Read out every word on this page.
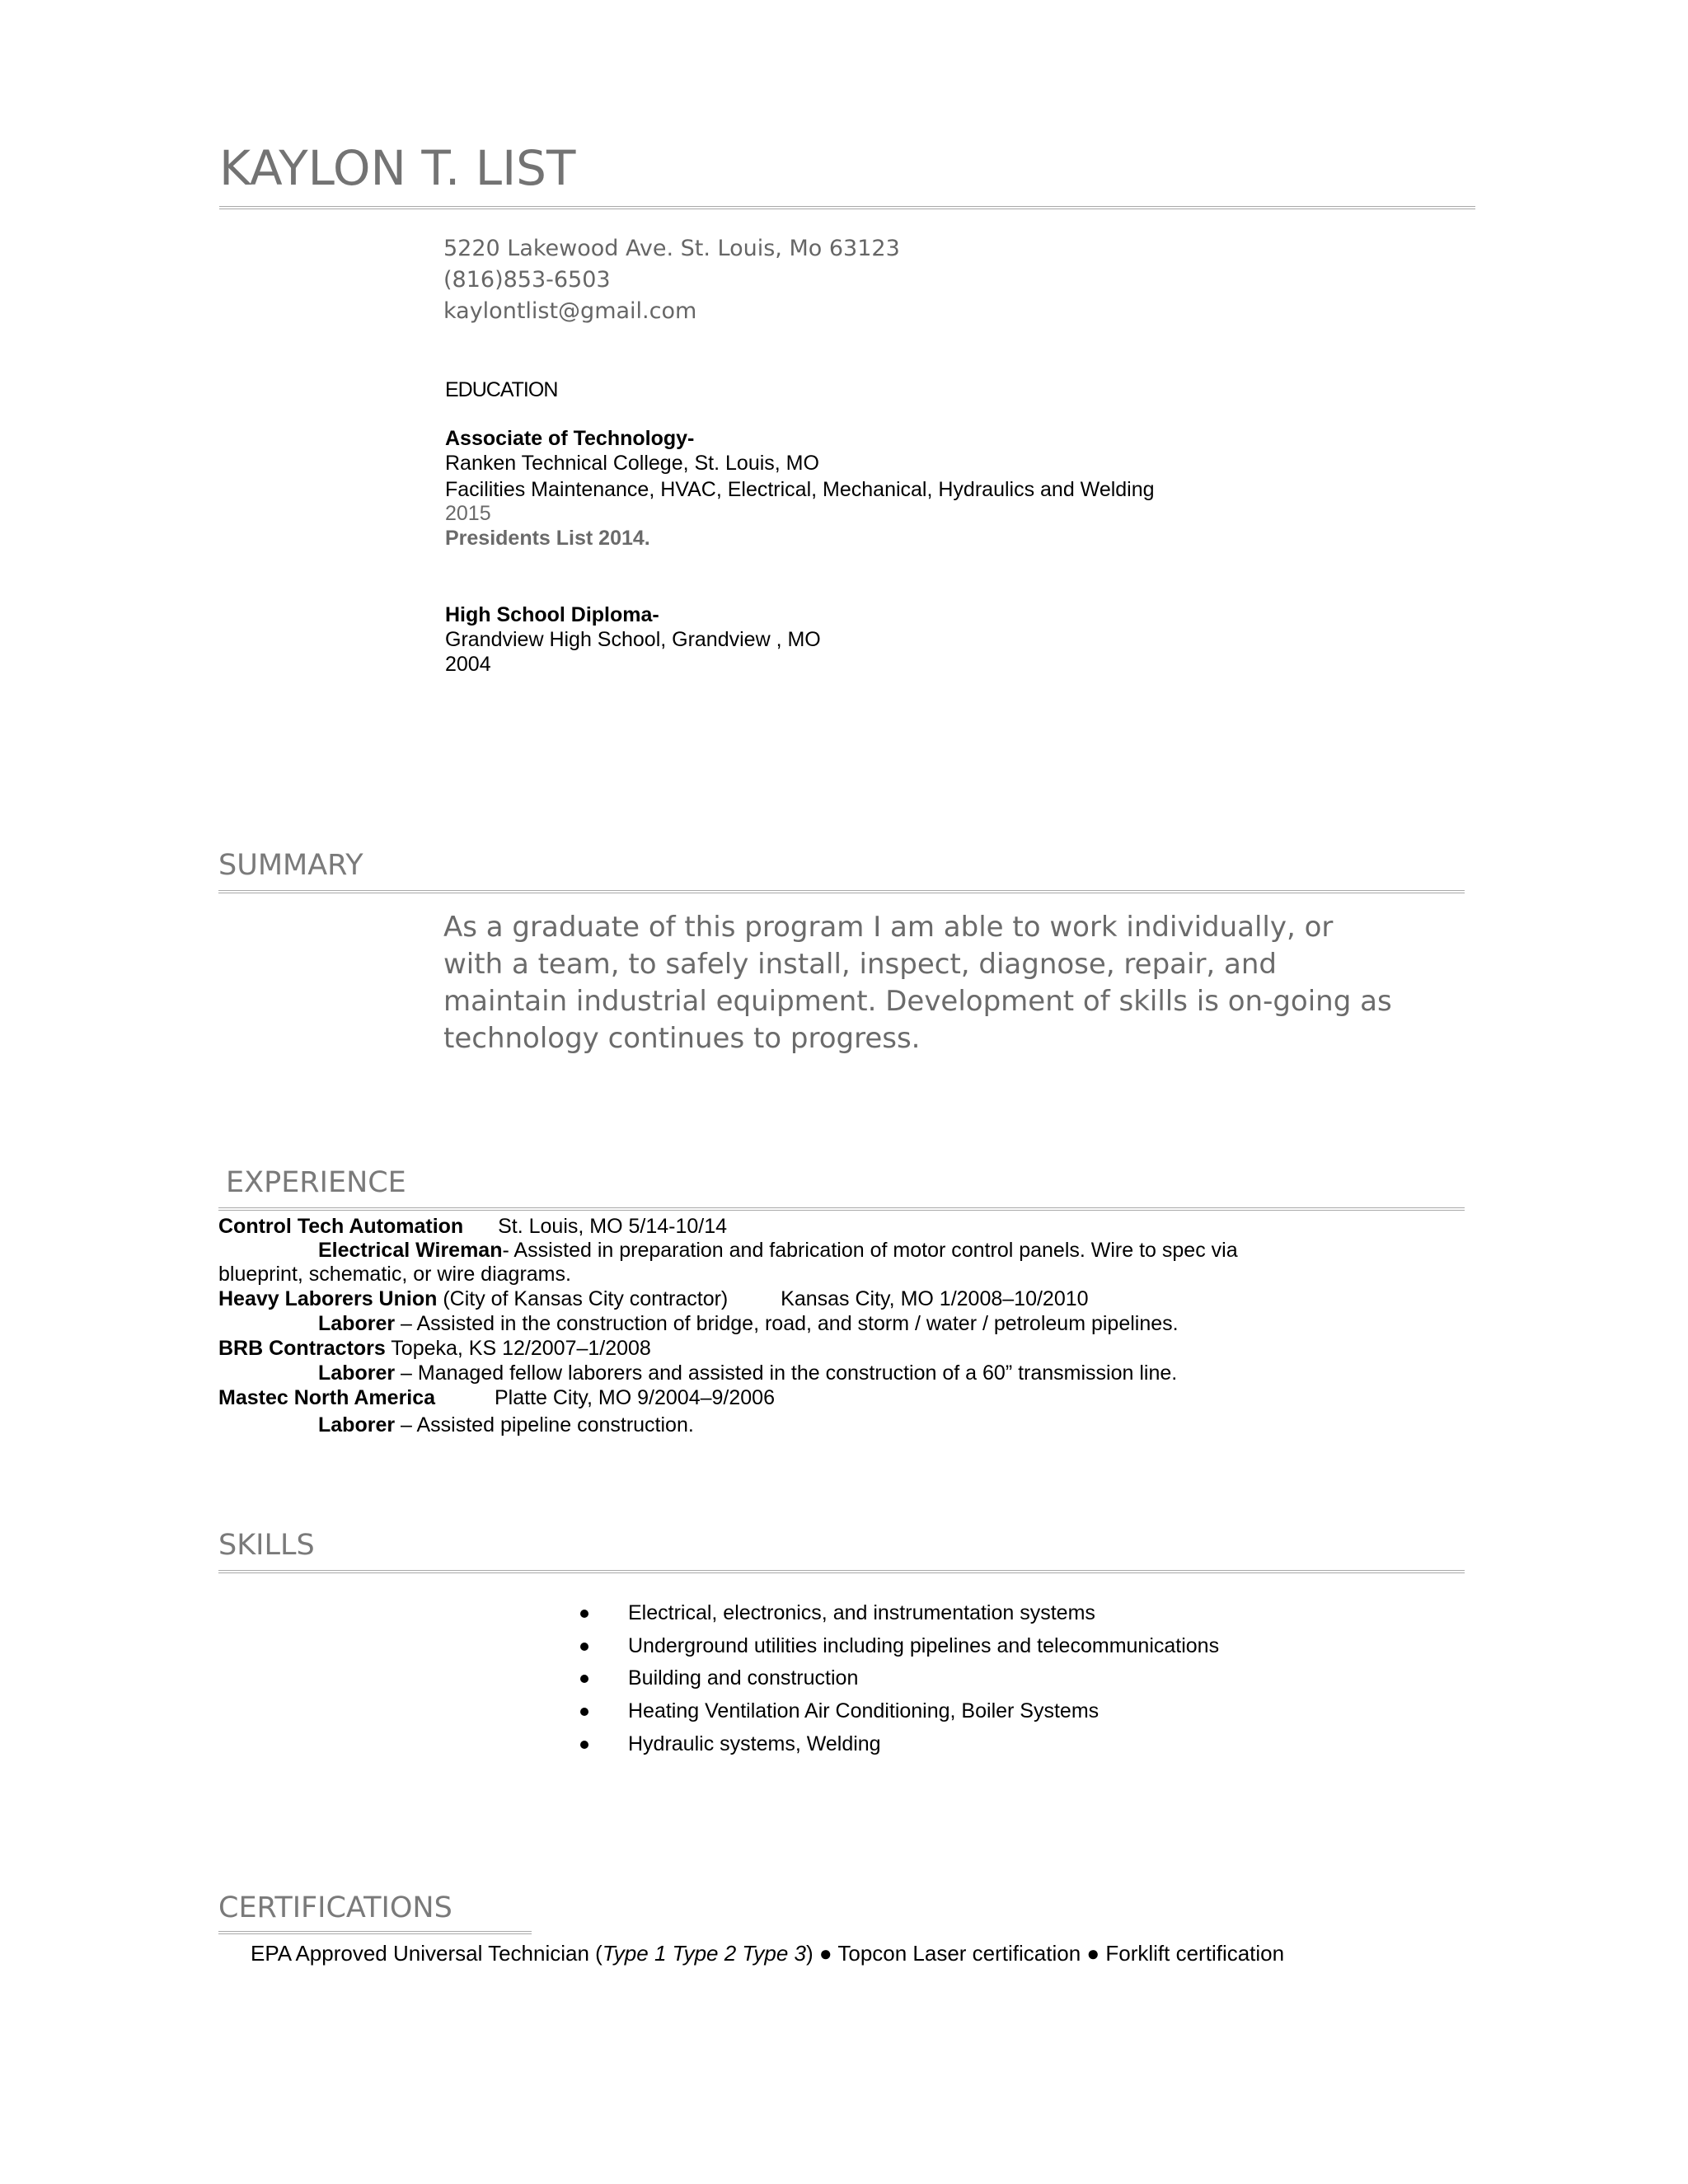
KAYLON T. LIST
5220 Lakewood Ave. St. Louis, Mo 63123
(816)853-6503
kaylontlist@gmail.com
EDUCATION
Associate of Technology-
Ranken Technical College, St. Louis, MO
Facilities Maintenance, HVAC, Electrical, Mechanical, Hydraulics and Welding
2015
Presidents List 2014.
High School Diploma-
Grandview High School, Grandview , MO
2004
SUMMARY
As a graduate of this program I am able to work individually, or with a team, to safely install, inspect, diagnose, repair, and maintain industrial equipment. Development of skills is on-going as technology continues to progress.
EXPERIENCE
Control Tech Automation St. Louis, MO 5/14-10/14
Electrical Wireman- Assisted in preparation and fabrication of motor control panels. Wire to spec via
blueprint, schematic, or wire diagrams.
Heavy Laborers Union (City of Kansas City contractor)	Kansas City, MO 1/2008–10/2010
Laborer – Assisted in the construction of bridge, road, and storm / water / petroleum pipelines.
BRB Contractors Topeka, KS 12/2007–1/2008
Laborer – Managed fellow laborers and assisted in the construction of a 60” transmission line.
Mastec North America	Platte City, MO 9/2004–9/2006
Laborer – Assisted pipeline construction.
SKILLS
Electrical, electronics, and instrumentation systems
Underground utilities including pipelines and telecommunications
Building and construction
Heating Ventilation Air Conditioning, Boiler Systems
Hydraulic systems, Welding
CERTIFICATIONS
EPA Approved Universal Technician (Type 1 Type 2 Type 3) ● Topcon Laser certification ● Forklift certification
